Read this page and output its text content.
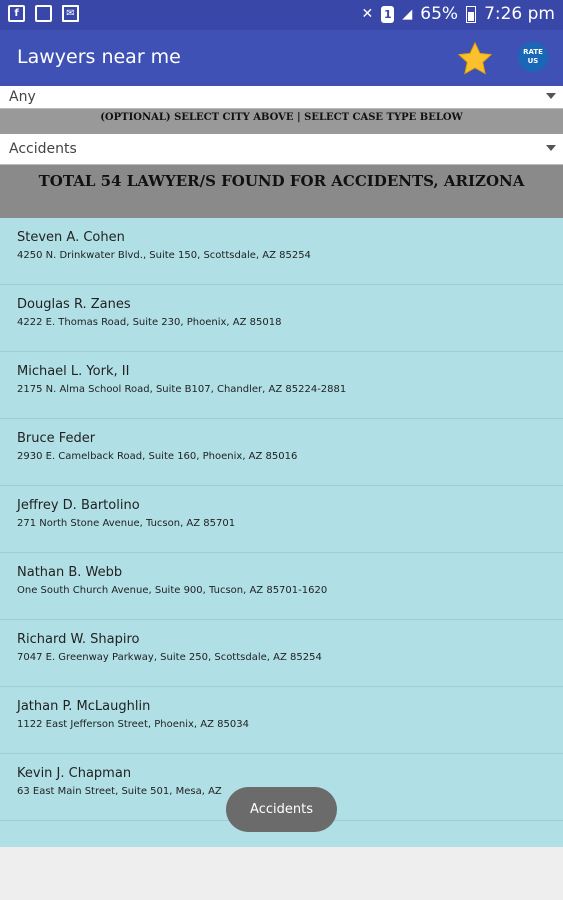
f	✉	✕ 1 ◢ 65% 7:26 pm
Lawyers near me	RATE US
Any
(OPTIONAL) SELECT CITY ABOVE | SELECT CASE TYPE BELOW
Accidents
TOTAL 54 LAWYER/S FOUND FOR ACCIDENTS, ARIZONA
Steven A. Cohen
4250 N. Drinkwater Blvd., Suite 150, Scottsdale, AZ 85254
Douglas R. Zanes
4222 E. Thomas Road, Suite 230, Phoenix, AZ 85018
Michael L. York, II
2175 N. Alma School Road, Suite B107, Chandler, AZ 85224-2881
Bruce Feder
2930 E. Camelback Road, Suite 160, Phoenix, AZ 85016
Jeffrey D. Bartolino
271 North Stone Avenue, Tucson, AZ 85701
Nathan B. Webb
One South Church Avenue, Suite 900, Tucson, AZ 85701-1620
Richard W. Shapiro
7047 E. Greenway Parkway, Suite 250, Scottsdale, AZ 85254
Jathan P. McLaughlin
1122 East Jefferson Street, Phoenix, AZ 85034
Kevin J. Chapman
63 East Main Street, Suite 501, Mesa, AZ
Accidents
